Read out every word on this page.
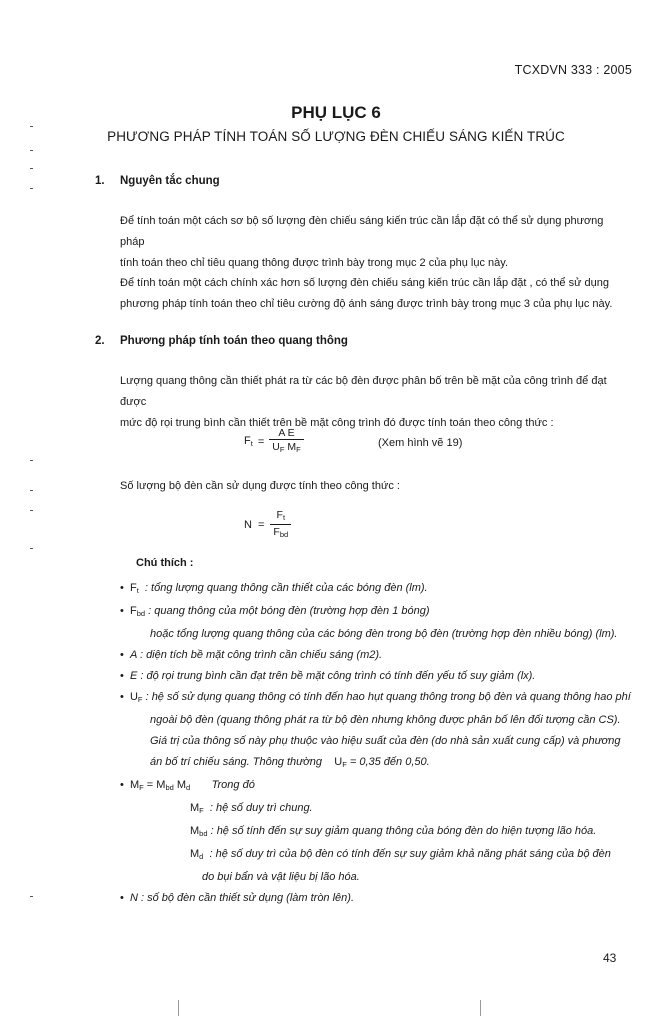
TCXDVN 333 : 2005
PHỤ LỤC 6
PHƯƠNG PHÁP TÍNH TOÁN SỐ LƯỢNG ĐÈN CHIẾU SÁNG KIẾN TRÚC
1. Nguyên tắc chung
Để tính toán một cách sơ bộ số lượng đèn chiếu sáng kiến trúc cần lắp đặt có thể sử dụng phương pháp
tính toán theo chỉ tiêu quang thông được trình bày trong mục 2 của phụ lục này.
Để tính toán một cách chính xác hơn số lượng đèn chiếu sáng kiến trúc cần lắp đặt , có thể sử dụng
phương pháp tính toán theo chỉ tiêu cường độ ánh sáng được trình bày trong mục 3 của phụ lục này.
2. Phương pháp tính toán theo quang thông
Lượng quang thông cần thiết phát ra từ các bộ đèn được phân bố trên bề mặt của công trình để đạt được
mức độ rọi trung bình cần thiết trên bề mặt công trình đó được tính toán theo công thức :
$F_t = \frac{\text{A E}}{U_F M_F}$	(Xem hình vẽ 19)
Số lượng bộ đèn cần sử dụng được tính theo công thức :
$N = \frac{F_t}{F_{bd}}$
Chú thích :
•  $F_t$ : tổng lượng quang thông cần thiết của các bóng đèn (lm).
•  $F_{bd}$ : quang thông của một bóng đèn (trường hợp đèn 1 bóng)
hoặc tổng lượng quang thông của các bóng đèn trong bộ đèn (trường hợp đèn nhiều bóng) (lm).
•  A : diện tích bề mặt công trình cần chiếu sáng (m2).
•  E : độ rọi trung bình cần đạt trên bề mặt công trình có tính đến yếu tố suy giảm (lx).
•  $U_F$ : hệ số sử dụng quang thông có tính đến hao hụt quang thông trong bộ đèn và quang thông hao phí
ngoài bộ đèn (quang thông phát ra từ bộ đèn nhưng không được phân bố lên đối tượng cần CS).
Giá trị của thông số này phụ thuộc vào hiệu suất của đèn (do nhà sản xuất cung cấp) và phương
án bố trí chiếu sáng. Thông thường $U_F = 0,35$ đến 0,50.
•  $M_F = M_{bd}$ $M_d$ Trong đó
$M_F$ : hệ số duy trì chung.
$M_{bd}$ : hệ số tính đến sự suy giảm quang thông của bóng đèn do hiện tượng lão hóa.
$M_d$ : hệ số duy trì của bộ đèn có tính đến sự suy giảm khả năng phát sáng của bộ đèn
do bụi bẩn và vật liệu bị lão hóa.
•  N : số bộ đèn cần thiết sử dụng (làm tròn lên).
43
